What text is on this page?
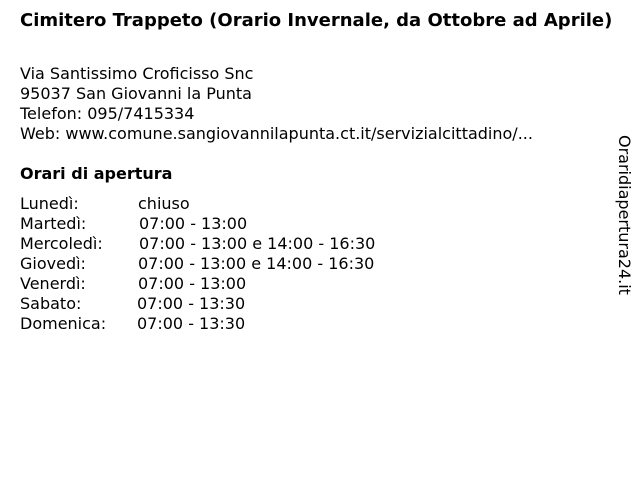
Cimitero Trappeto (Orario Invernale, da Ottobre ad Aprile)
Via Santissimo Croficisso Snc
95037 San Giovanni la Punta
Telefon: 095/7415334
Web: www.comune.sangiovannilapunta.ct.it/servizialcittadino/...
Orari di apertura
Lunedì:	chiuso
Martedì:	07:00 - 13:00
Mercoledì: 07:00 - 13:00 e 14:00 - 16:30
Giovedì:	07:00 - 13:00 e 14:00 - 16:30
Venerdì:	07:00 - 13:00
Sabato:	07:00 - 13:30
Domenica: 07:00 - 13:30
Oraridiapertura24.it
